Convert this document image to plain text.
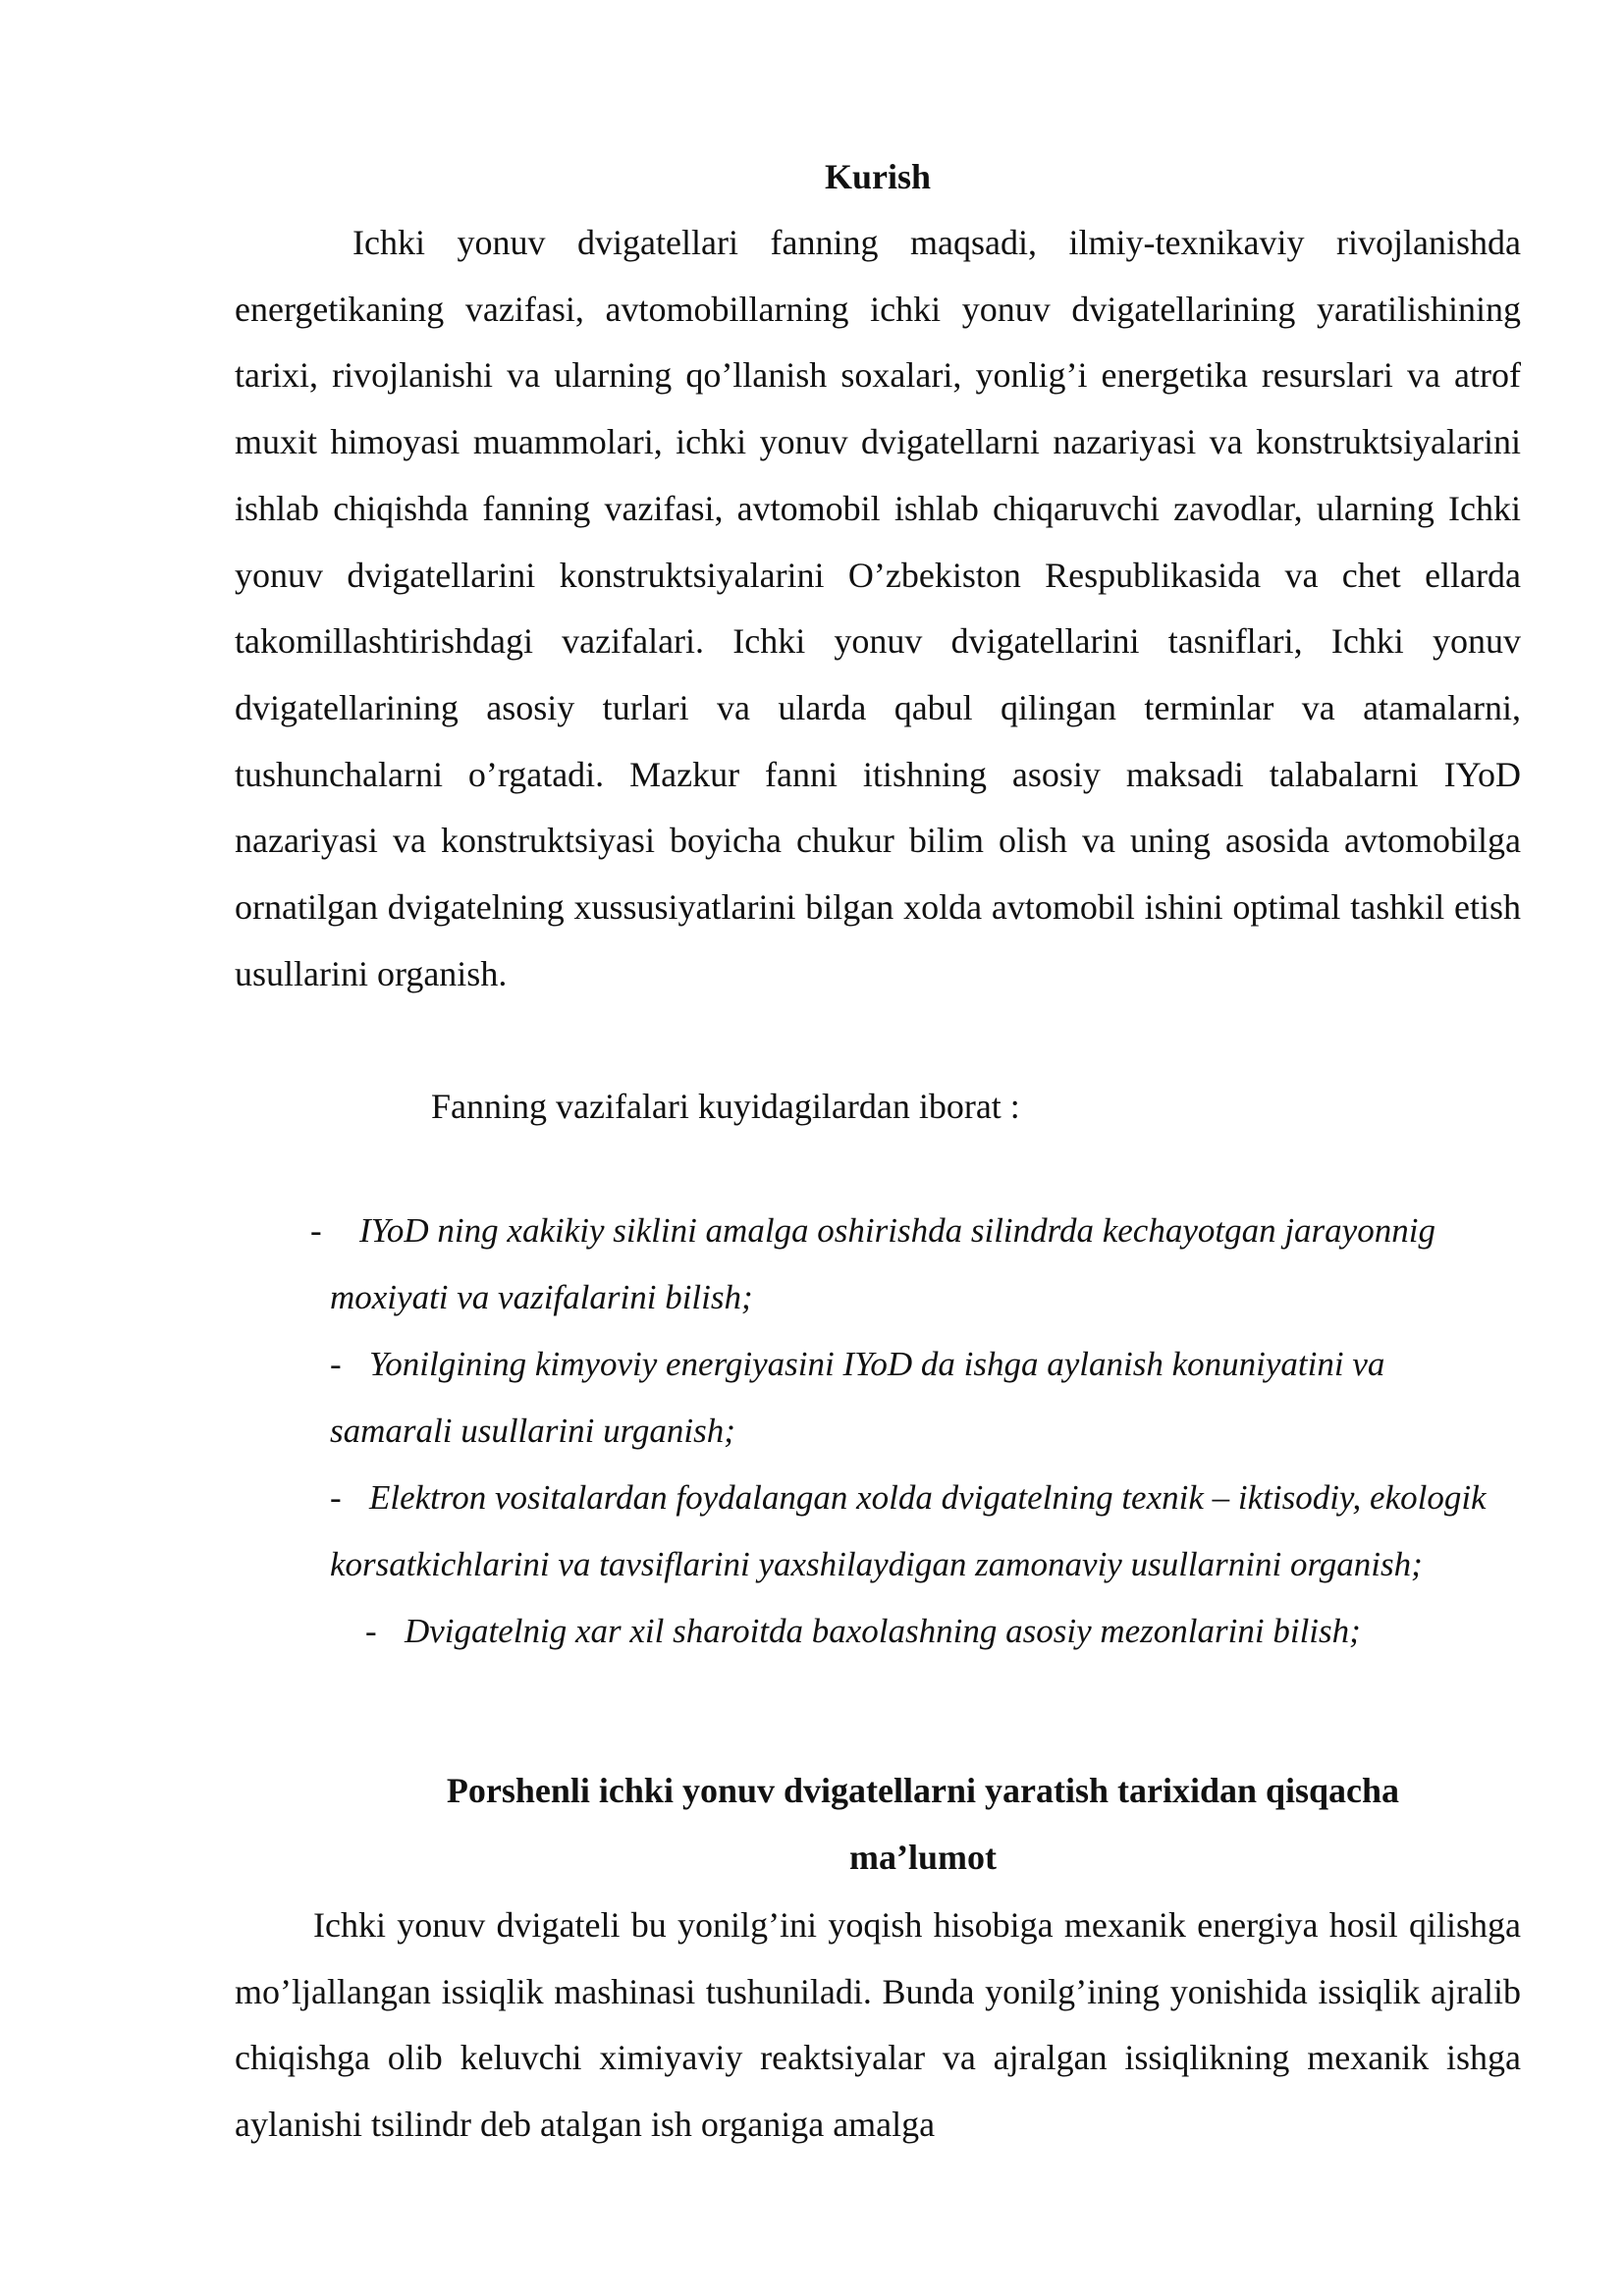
Kurish

Ichki yonuv dvigatellari fanning maqsadi, ilmiy-texnikaviy rivojlanishda energetikaning vazifasi, avtomobillarning ichki yonuv dvigatellarining yaratilishining tarixi, rivojlanishi va ularning qo’llanish soxalari, yonlig’i energetika resurslari va atrof muxit himoyasi muammolari, ichki yonuv dvigatellarni nazariyasi va konstruktsiyalarini ishlab chiqishda fanning vazifasi, avtomobil ishlab chiqaruvchi zavodlar, ularning Ichki yonuv dvigatellarini konstruktsiyalarini O’zbekiston Respublikasida va chet ellarda takomillashtirishdagi vazifalari. Ichki yonuv dvigatellarini tasniflari, Ichki yonuv dvigatellarining asosiy turlari va ularda qabul qilingan terminlar va atamalarni, tushunchalarni o’rgatadi. Mazkur fanni itishning asosiy maksadi talabalarni IYoD nazariyasi va konstruktsiyasi boyicha chukur bilim olish va uning asosida avtomobilga ornatilgan dvigatelning xussusiyatlarini bilgan xolda avtomobil ishini optimal tashkil etish usullarini organish.

Fanning vazifalari kuyidagilardan iborat :

- IYoD ning xakikiy siklini amalga oshirishda silindrda kechayotgan jarayonnig moxiyati va vazifalarini bilish;
- Yonilgining kimyoviy energiyasini IYoD da ishga aylanish konuniyatini va samarali usullarini urganish;
- Elektron vositalardan foydalangan xolda dvigatelning texnik – iktisodiy, ekologik korsatkichlarini va tavsiflarini yaxshilaydigan zamonaviy usullarnini organish;
- Dvigatelnig xar xil sharoitda baxolashning asosiy mezonlarini bilish;
Porshenli ichki yonuv dvigatellarni yaratish tarixidan qisqacha ma’lumot

Ichki yonuv dvigateli bu yonilg’ini yoqish hisobiga mexanik energiya hosil qilishga mo’ljallangan issiqlik mashinasi tushuniladi. Bunda yonilg’ining yonishida issiqlik ajralib chiqishga olib keluvchi ximiyaviy reaktsiyalar va ajralgan issiqlikning mexanik ishga aylanishi tsilindr deb atalgan ish organiga amalga
